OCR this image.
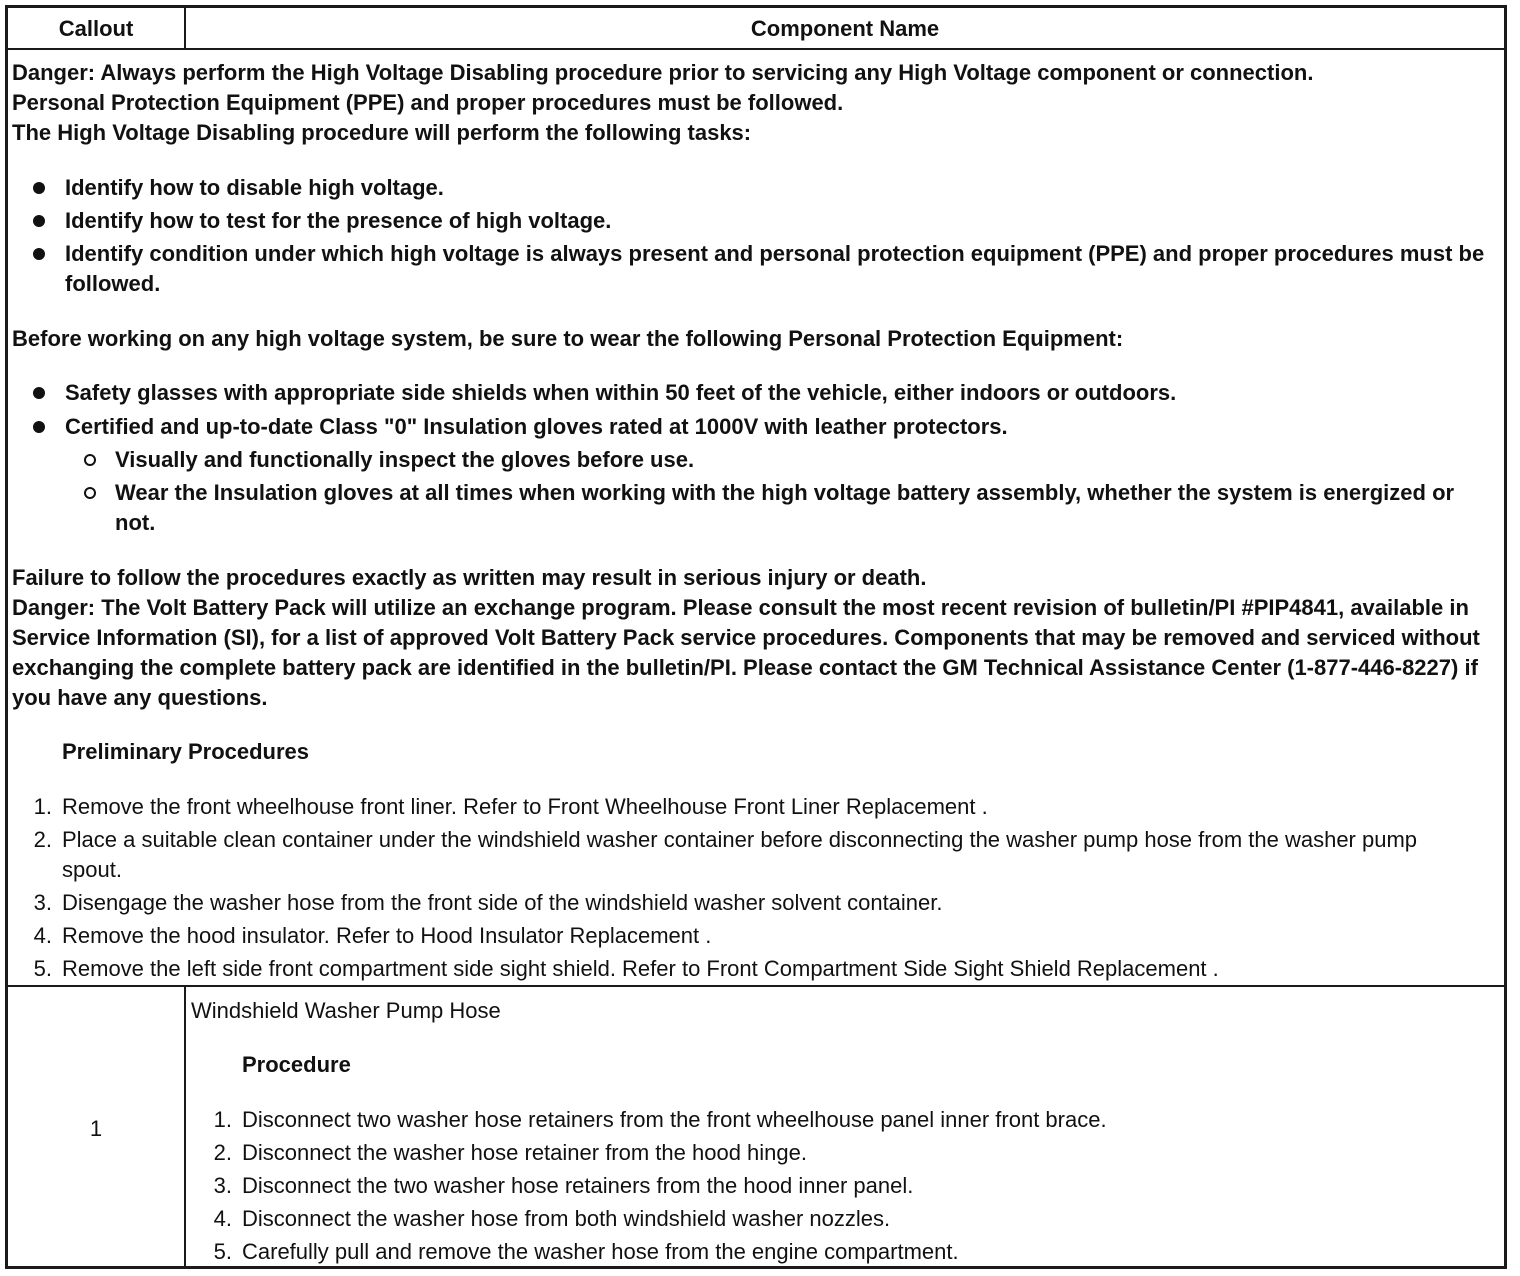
Callout	Component Name
Danger: Always perform the High Voltage Disabling procedure prior to servicing any High Voltage component or connection.
Personal Protection Equipment (PPE) and proper procedures must be followed.
The High Voltage Disabling procedure will perform the following tasks:
Identify how to disable high voltage.
Identify how to test for the presence of high voltage.
Identify condition under which high voltage is always present and personal protection equipment (PPE) and proper procedures must be followed.
Before working on any high voltage system, be sure to wear the following Personal Protection Equipment:
Safety glasses with appropriate side shields when within 50 feet of the vehicle, either indoors or outdoors.
Certified and up-to-date Class "0" Insulation gloves rated at 1000V with leather protectors.
Visually and functionally inspect the gloves before use.
Wear the Insulation gloves at all times when working with the high voltage battery assembly, whether the system is energized or not.
Failure to follow the procedures exactly as written may result in serious injury or death.
Danger: The Volt Battery Pack will utilize an exchange program. Please consult the most recent revision of bulletin/PI #PIP4841, available in Service Information (SI), for a list of approved Volt Battery Pack service procedures. Components that may be removed and serviced without exchanging the complete battery pack are identified in the bulletin/PI. Please contact the GM Technical Assistance Center (1-877-446-8227) if you have any questions.
Preliminary Procedures
1. Remove the front wheelhouse front liner. Refer to Front Wheelhouse Front Liner Replacement .
2. Place a suitable clean container under the windshield washer container before disconnecting the washer pump hose from the washer pump spout.
3. Disengage the washer hose from the front side of the windshield washer solvent container.
4. Remove the hood insulator. Refer to Hood Insulator Replacement .
5. Remove the left side front compartment side sight shield. Refer to Front Compartment Side Sight Shield Replacement .
1
Windshield Washer Pump Hose
Procedure
1. Disconnect two washer hose retainers from the front wheelhouse panel inner front brace.
2. Disconnect the washer hose retainer from the hood hinge.
3. Disconnect the two washer hose retainers from the hood inner panel.
4. Disconnect the washer hose from both windshield washer nozzles.
5. Carefully pull and remove the washer hose from the engine compartment.
